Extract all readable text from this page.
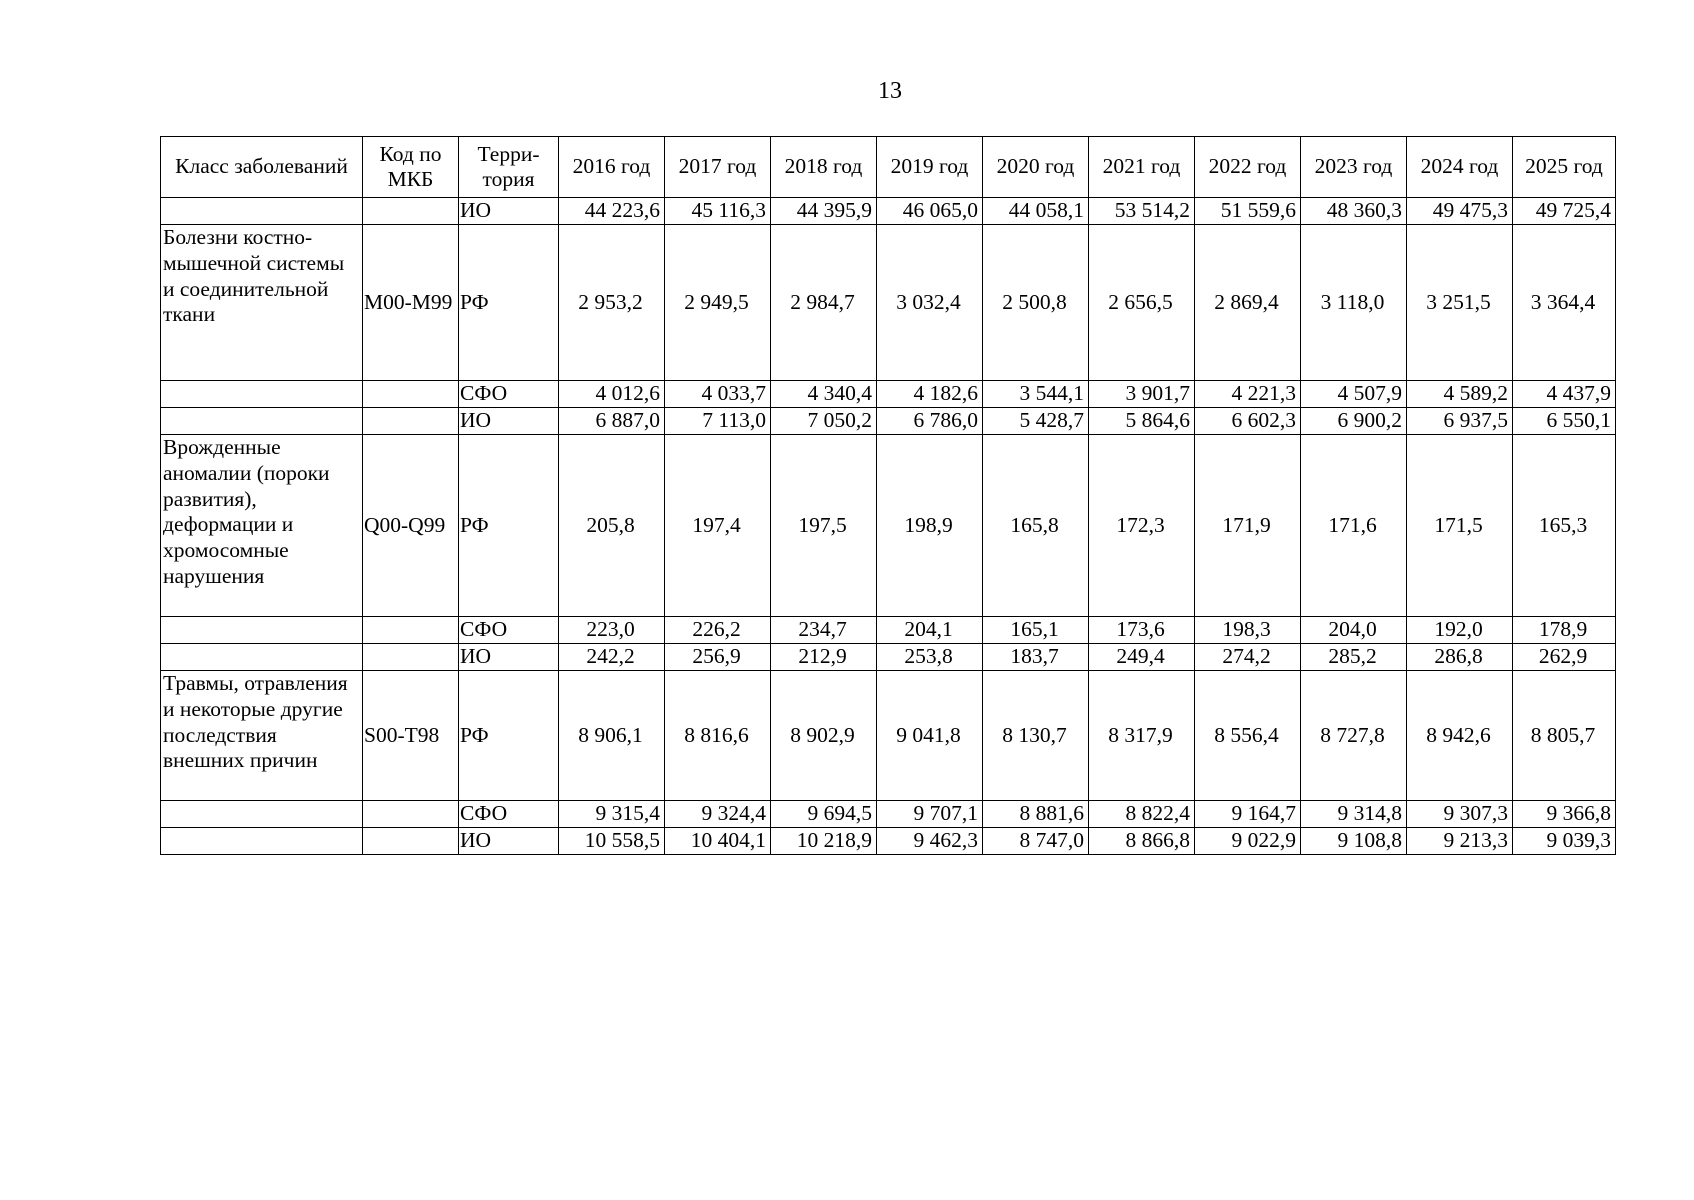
13
Класс заболеваний	Код по МКБ	Терри-тория	2016 год	2017 год	2018 год	2019 год	2020 год	2021 год	2022 год	2023 год	2024 год	2025 год
		ИО	44 223,6	45 116,3	44 395,9	46 065,0	44 058,1	53 514,2	51 559,6	48 360,3	49 475,3	49 725,4
Болезни костно-мышечной системы и соединительной ткани	M00-M99	РФ	2 953,2	2 949,5	2 984,7	3 032,4	2 500,8	2 656,5	2 869,4	3 118,0	3 251,5	3 364,4
		СФО	4 012,6	4 033,7	4 340,4	4 182,6	3 544,1	3 901,7	4 221,3	4 507,9	4 589,2	4 437,9
		ИО	6 887,0	7 113,0	7 050,2	6 786,0	5 428,7	5 864,6	6 602,3	6 900,2	6 937,5	6 550,1
Врожденные аномалии (пороки развития), деформации и хромосомные нарушения	Q00-Q99	РФ	205,8	197,4	197,5	198,9	165,8	172,3	171,9	171,6	171,5	165,3
		СФО	223,0	226,2	234,7	204,1	165,1	173,6	198,3	204,0	192,0	178,9
		ИО	242,2	256,9	212,9	253,8	183,7	249,4	274,2	285,2	286,8	262,9
Травмы, отравления и некоторые другие последствия внешних причин	S00-T98	РФ	8 906,1	8 816,6	8 902,9	9 041,8	8 130,7	8 317,9	8 556,4	8 727,8	8 942,6	8 805,7
		СФО	9 315,4	9 324,4	9 694,5	9 707,1	8 881,6	8 822,4	9 164,7	9 314,8	9 307,3	9 366,8
		ИО	10 558,5	10 404,1	10 218,9	9 462,3	8 747,0	8 866,8	9 022,9	9 108,8	9 213,3	9 039,3
